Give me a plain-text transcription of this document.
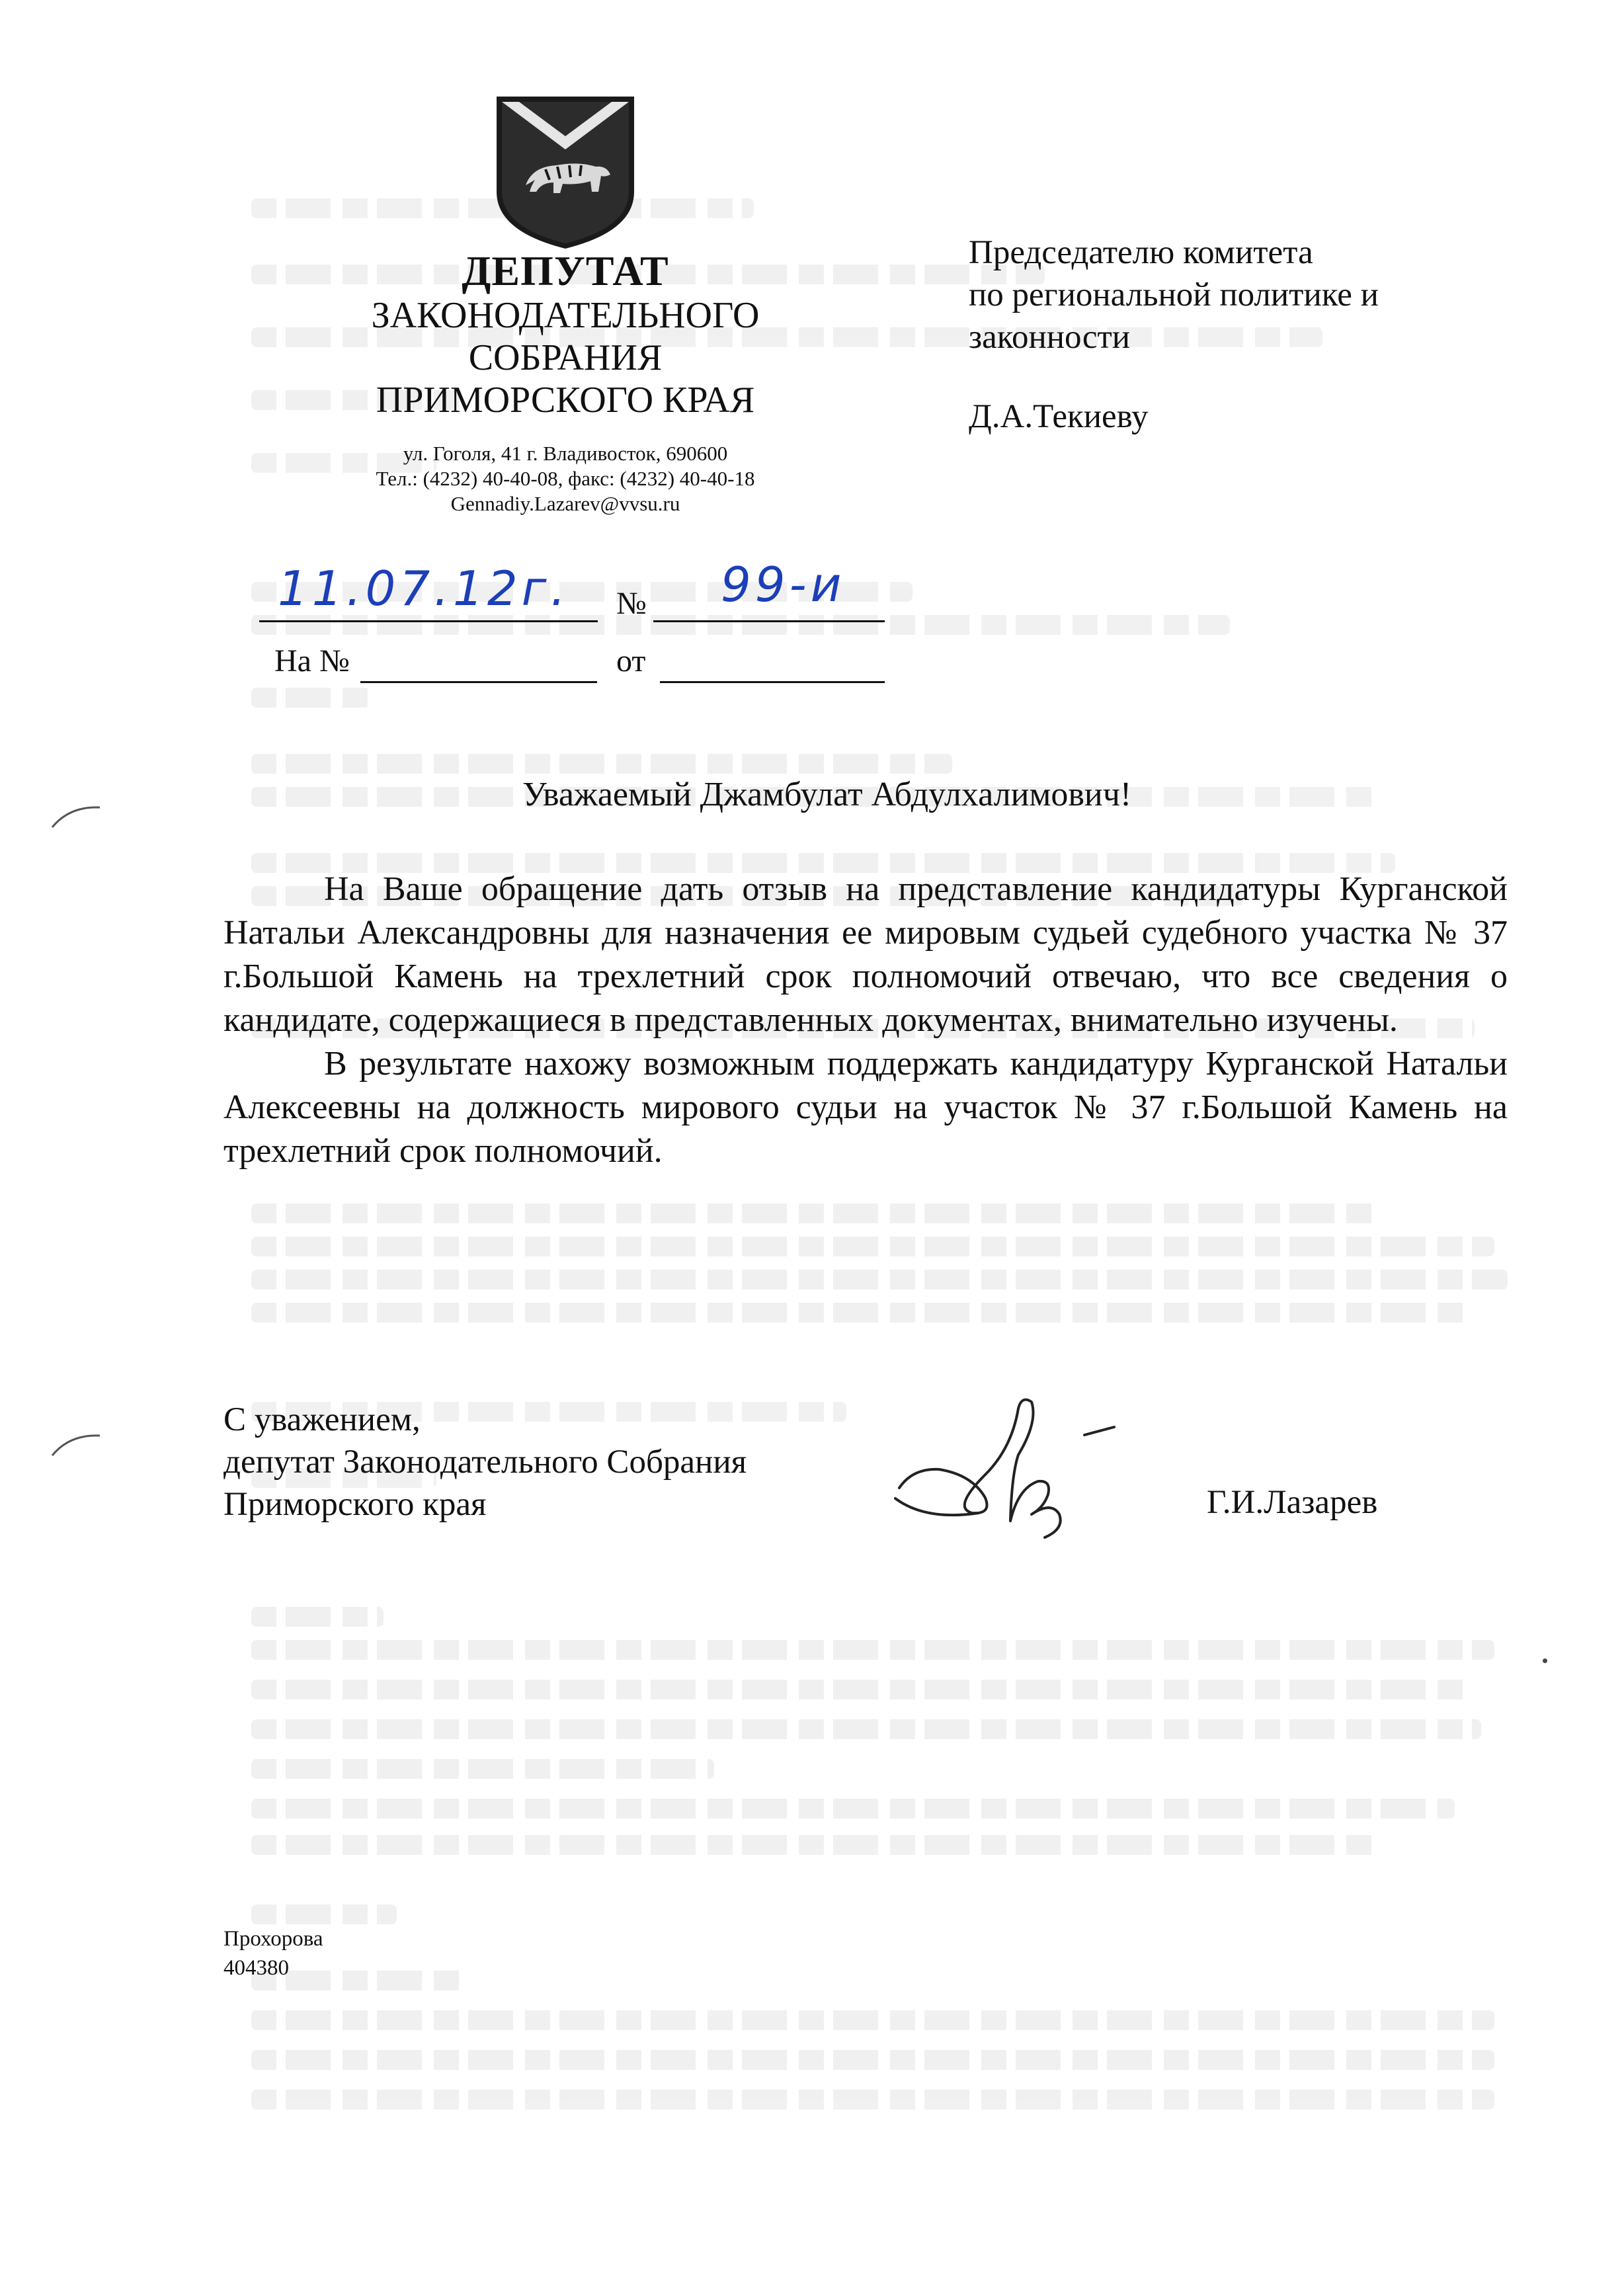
ДЕПУТАТ
ЗАКОНОДАТЕЛЬНОГО
СОБРАНИЯ
ПРИМОРСКОГО КРАЯ
ул. Гоголя, 41 г. Владивосток, 690600
Тел.: (4232) 40-40-08, факс: (4232) 40-40-18
Gennadiy.Lazarev@vvsu.ru
Председателю комитета
по региональной политике и
законности
Д.А.Текиеву
11.07.12г. № 99-и
На №	от
Уважаемый Джамбулат Абдулхалимович!

На Ваше обращение дать отзыв на представление кандидатуры Курганской Натальи Александровны для назначения ее мировым судьей судебного участка № 37 г.Большой Камень на трехлетний срок полномочий отвечаю, что все сведения о кандидате, содержащиеся в представленных документах, внимательно изучены.

В результате нахожу возможным поддержать кандидатуру Курганской Натальи Алексеевны на должность мирового судьи на участок № 37 г.Большой Камень на трехлетний срок полномочий.

С уважением,
депутат Законодательного Собрания
Приморского края	Г.И.Лазарев
Прохорова
404380
